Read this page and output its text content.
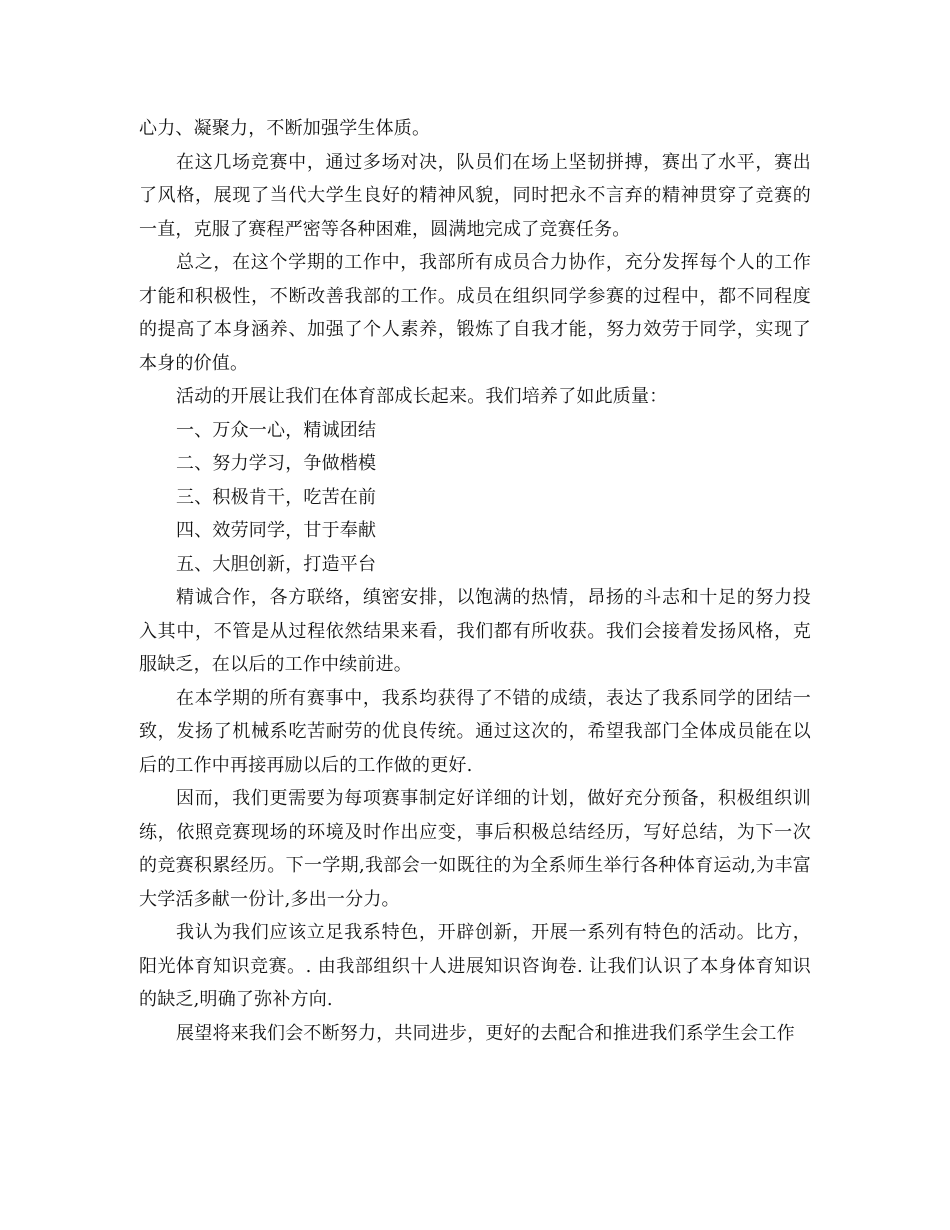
心力、凝聚力，不断加强学生体质。

在这几场竞赛中，通过多场对决，队员们在场上坚韧拼搏，赛出了水平，赛出了风格，展现了当代大学生良好的精神风貌，同时把永不言弃的精神贯穿了竞赛的一直，克服了赛程严密等各种困难，圆满地完成了竞赛任务。

总之，在这个学期的工作中，我部所有成员合力协作，充分发挥每个人的工作才能和积极性，不断改善我部的工作。成员在组织同学参赛的过程中，都不同程度的提高了本身涵养、加强了个人素养，锻炼了自我才能，努力效劳于同学，实现了本身的价值。

活动的开展让我们在体育部成长起来。我们培养了如此质量：

一、万众一心，精诚团结

二、努力学习，争做楷模

三、积极肯干，吃苦在前

四、效劳同学，甘于奉献

五、大胆创新，打造平台

精诚合作，各方联络，缜密安排，以饱满的热情，昂扬的斗志和十足的努力投入其中，不管是从过程依然结果来看，我们都有所收获。我们会接着发扬风格，克服缺乏，在以后的工作中续前进。

在本学期的所有赛事中，我系均获得了不错的成绩，表达了我系同学的团结一致，发扬了机械系吃苦耐劳的优良传统。通过这次的，希望我部门全体成员能在以后的工作中再接再励以后的工作做的更好.

因而，我们更需要为每项赛事制定好详细的计划，做好充分预备，积极组织训练，依照竞赛现场的环境及时作出应变，事后积极总结经历，写好总结，为下一次的竞赛积累经历。下一学期,我部会一如既往的为全系师生举行各种体育运动,为丰富大学活多献一份计,多出一分力。

我认为我们应该立足我系特色，开辟创新，开展一系列有特色的活动。比方，阳光体育知识竞赛。. 由我部组织十人进展知识咨询卷. 让我们认识了本身体育知识的缺乏,明确了弥补方向.

展望将来我们会不断努力，共同进步，更好的去配合和推进我们系学生会工作
